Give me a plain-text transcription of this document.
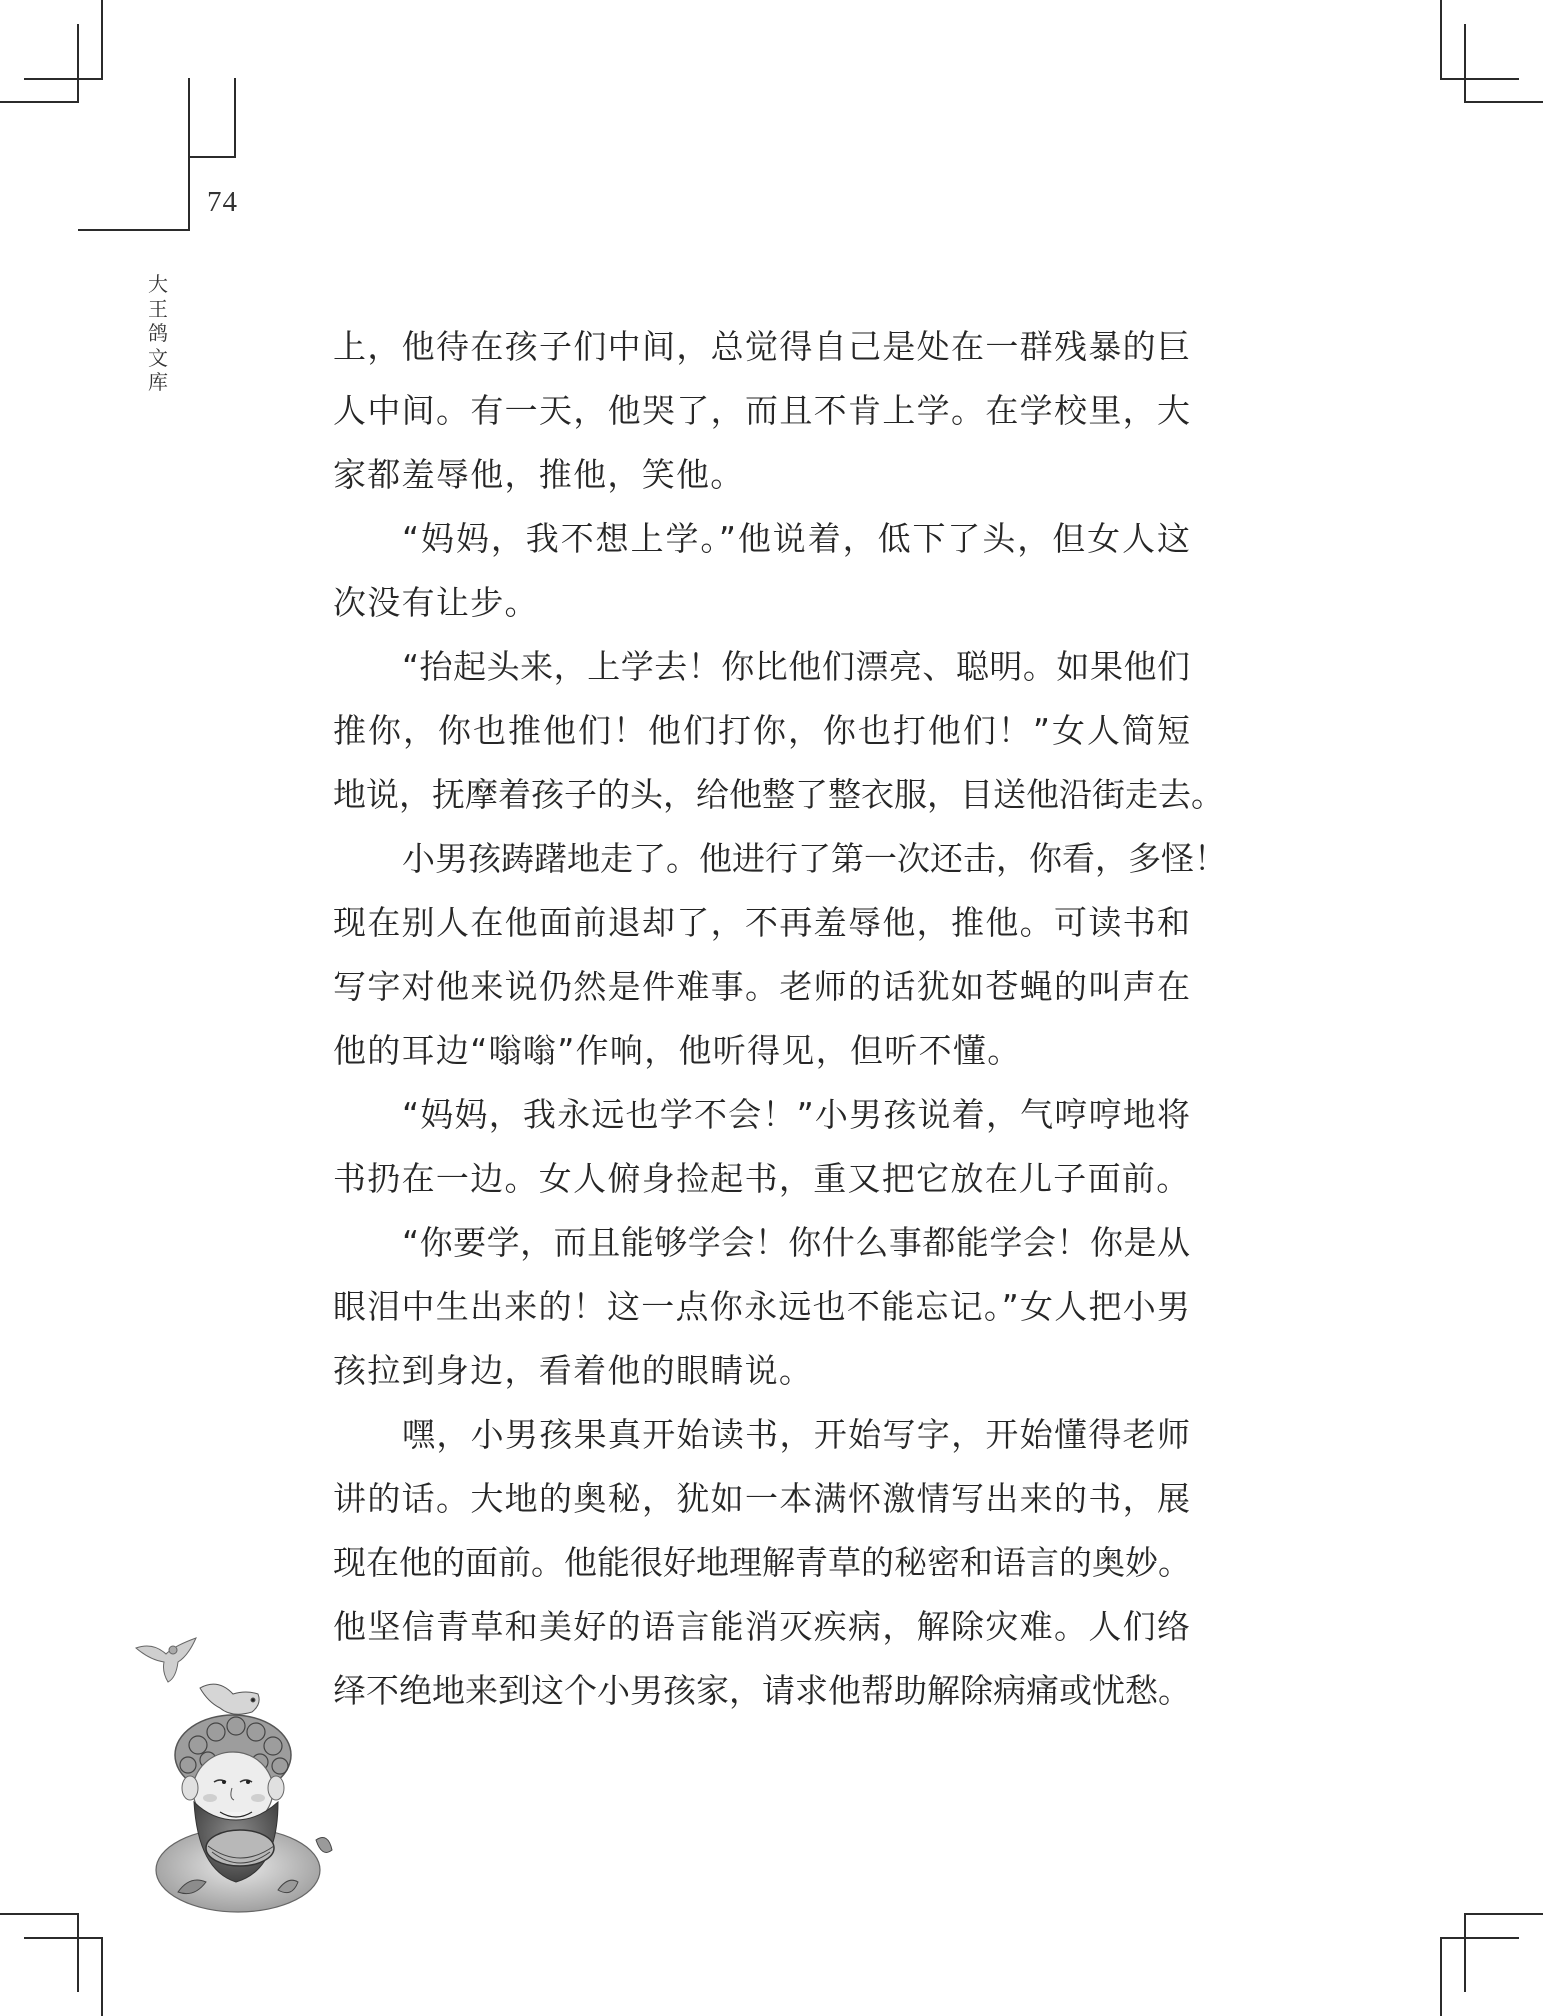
74
大王鸽文库
上，他待在孩子们中间，总觉得自己是处在一群残暴的巨
人中间。有一天，他哭了，而且不肯上学。在学校里，大
家都羞辱他，推他，笑他。
“妈妈，我不想上学。”他说着，低下了头，但女人这
次没有让步。
“抬起头来，上学去！你比他们漂亮、聪明。如果他们
推你，你也推他们！他们打你，你也打他们！”女人简短
地说，抚摩着孩子的头，给他整了整衣服，目送他沿街走去。
小男孩踌躇地走了。他进行了第一次还击，你看，多怪！
现在别人在他面前退却了，不再羞辱他，推他。可读书和
写字对他来说仍然是件难事。老师的话犹如苍蝇的叫声在
他的耳边“嗡嗡”作响，他听得见，但听不懂。
“妈妈，我永远也学不会！”小男孩说着，气哼哼地将
书扔在一边。女人俯身捡起书，重又把它放在儿子面前。
“你要学，而且能够学会！你什么事都能学会！你是从
眼泪中生出来的！这一点你永远也不能忘记。”女人把小男
孩拉到身边，看着他的眼睛说。
嘿，小男孩果真开始读书，开始写字，开始懂得老师
讲的话。大地的奥秘，犹如一本满怀激情写出来的书，展
现在他的面前。他能很好地理解青草的秘密和语言的奥妙。
他坚信青草和美好的语言能消灭疾病，解除灾难。人们络
绎不绝地来到这个小男孩家，请求他帮助解除病痛或忧愁。
